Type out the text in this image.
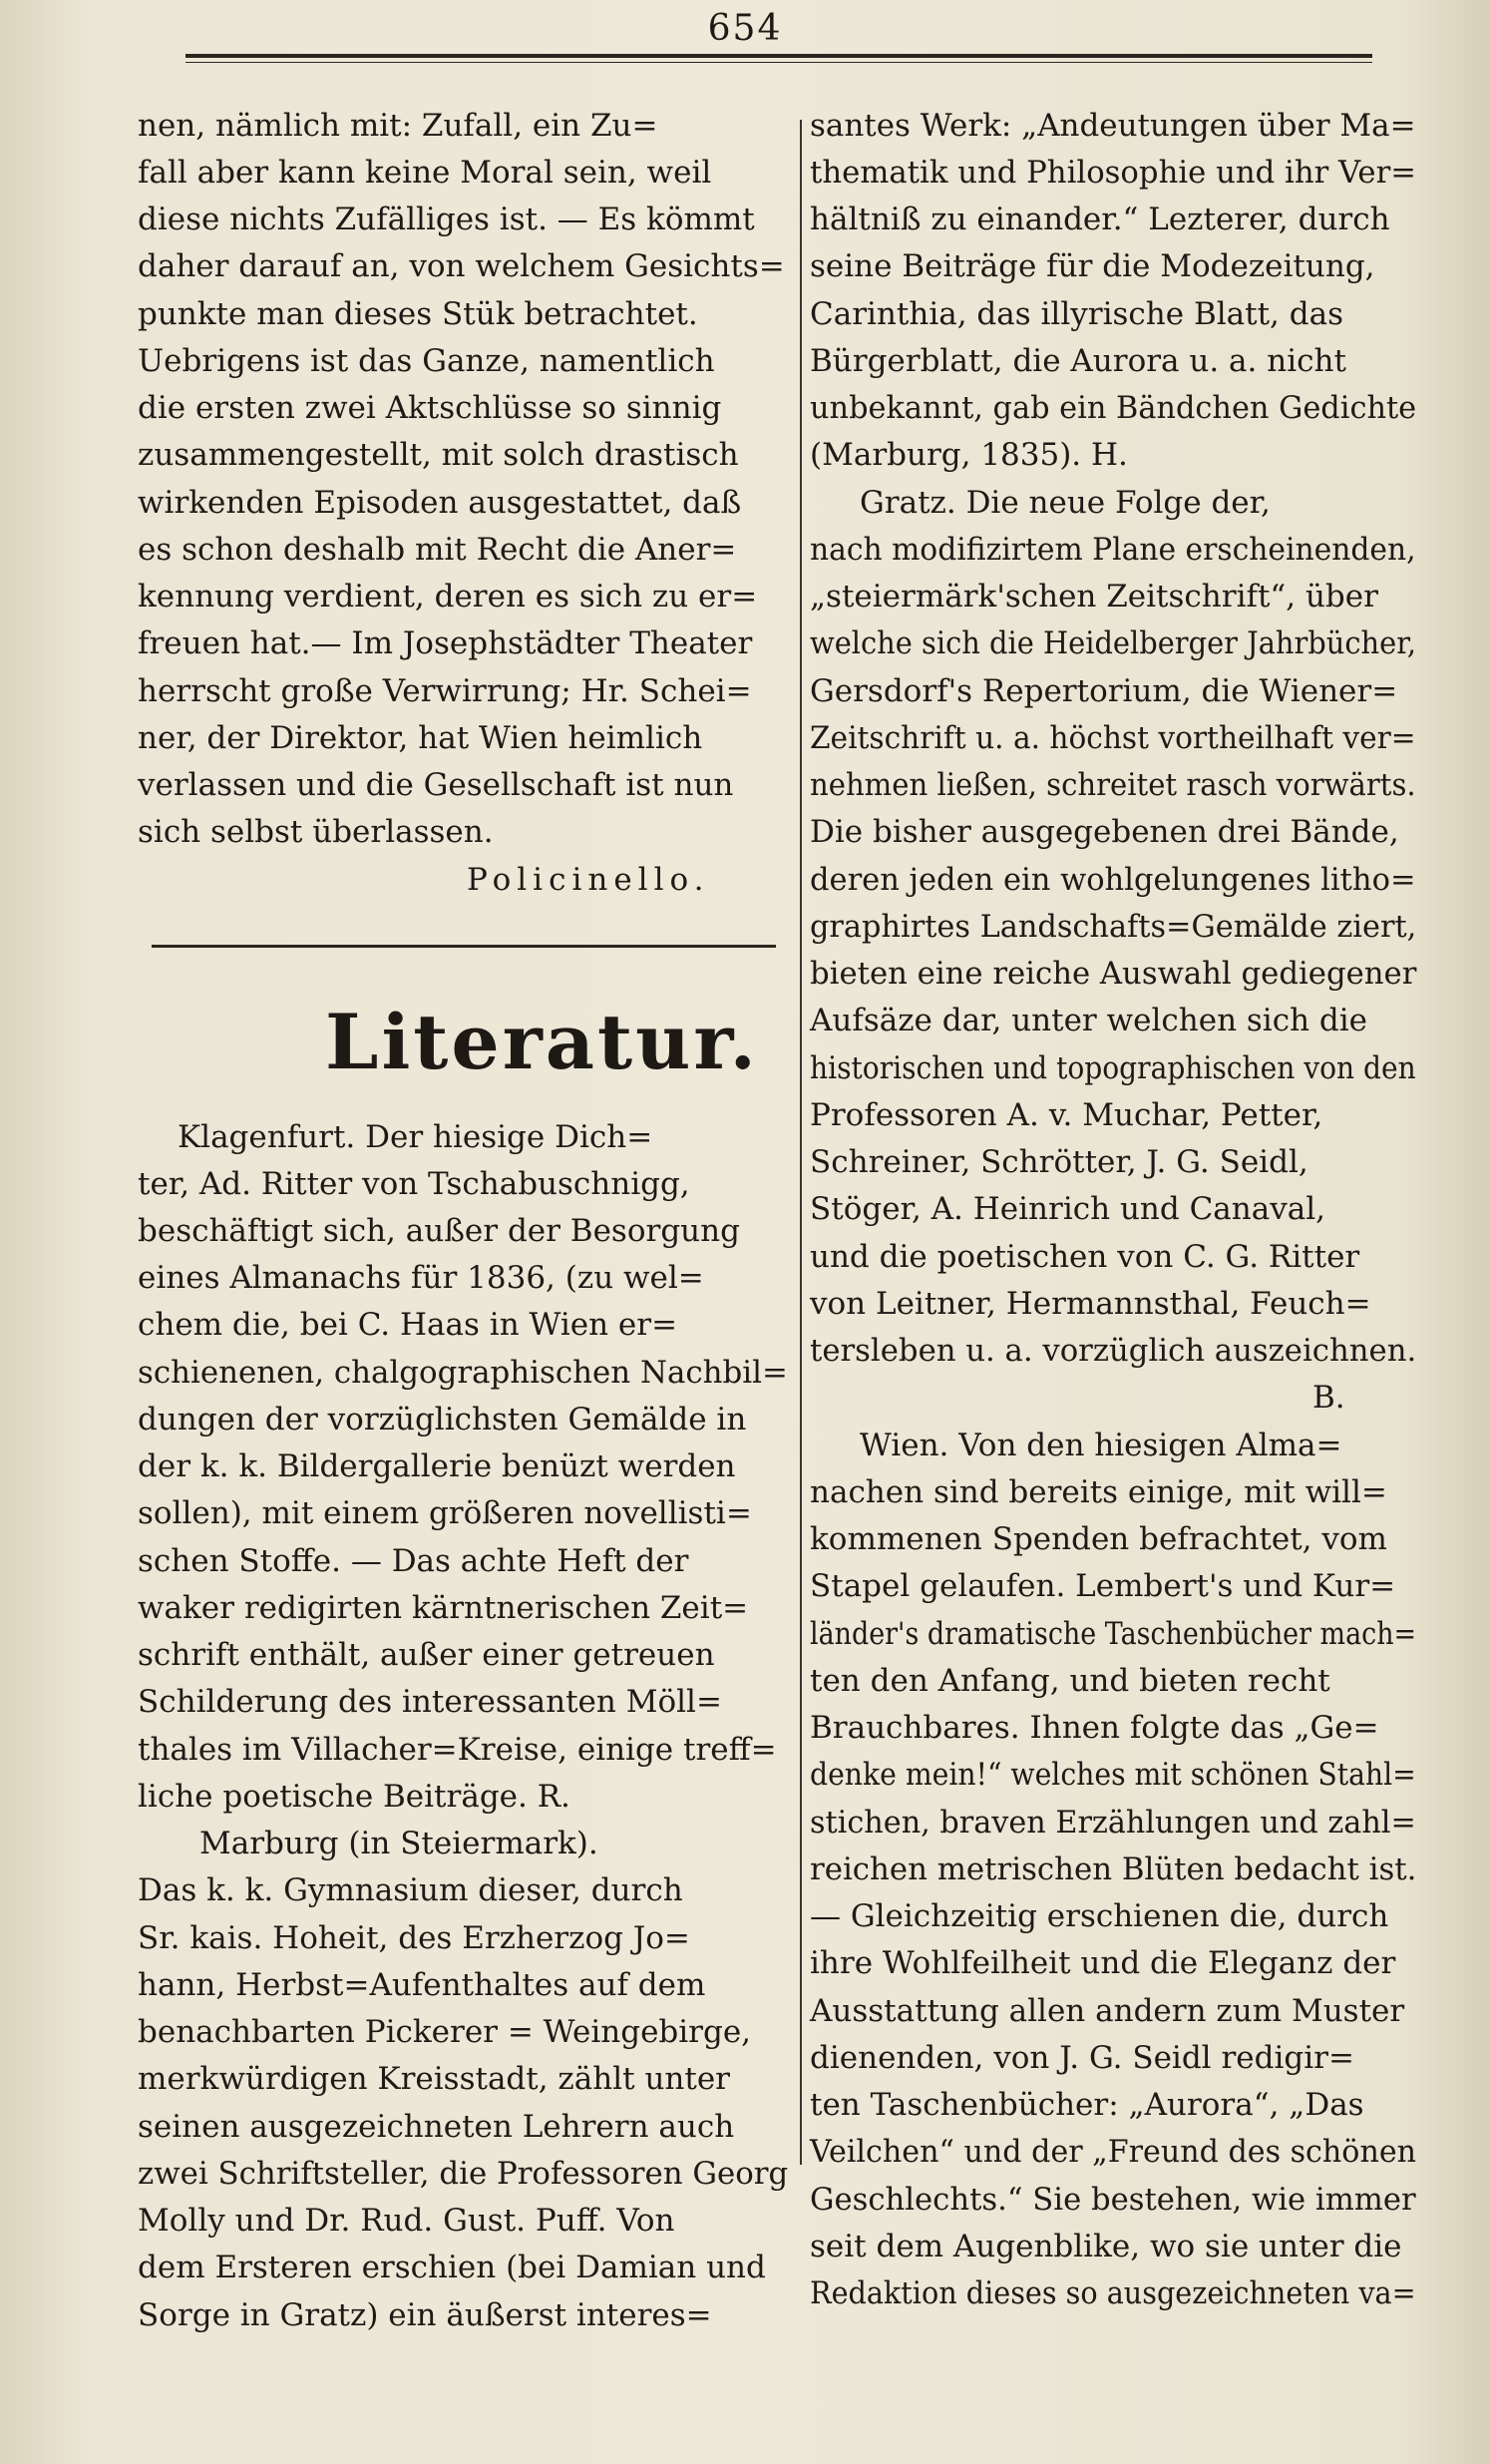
654
nen, nämlich mit: Zufall, ein Zu=
fall aber kann keine Moral sein, weil
diese nichts Zufälliges ist. — Es kömmt
daher darauf an, von welchem Gesichts=
punkte man dieses Stük betrachtet.
Uebrigens ist das Ganze, namentlich
die ersten zwei Aktschlüsse so sinnig
zusammengestellt, mit solch drastisch
wirkenden Episoden ausgestattet, daß
es schon deshalb mit Recht die Aner=
kennung verdient, deren es sich zu er=
freuen hat.— Im Josephstädter Theater
herrscht große Verwirrung; Hr. Schei=
ner, der Direktor, hat Wien heimlich
verlassen und die Gesellschaft ist nun
sich selbst überlassen.
Policinello.
Literatur.
Klagenfurt. Der hiesige Dich=
ter, Ad. Ritter von Tschabuschnigg,
beschäftigt sich, außer der Besorgung
eines Almanachs für 1836, (zu wel=
chem die, bei C. Haas in Wien er=
schienenen, chalgographischen Nachbil=
dungen der vorzüglichsten Gemälde in
der k. k. Bildergallerie benüzt werden
sollen), mit einem größeren novellisti=
schen Stoffe. — Das achte Heft der
waker redigirten kärntnerischen Zeit=
schrift enthält, außer einer getreuen
Schilderung des interessanten Möll=
thales im Villacher=Kreise, einige treff=
liche poetische Beiträge. R.
Marburg (in Steiermark).
Das k. k. Gymnasium dieser, durch
Sr. kais. Hoheit, des Erzherzog Jo=
hann, Herbst=Aufenthaltes auf dem
benachbarten Pickerer = Weingebirge,
merkwürdigen Kreisstadt, zählt unter
seinen ausgezeichneten Lehrern auch
zwei Schriftsteller, die Professoren Georg
Molly und Dr. Rud. Gust. Puff. Von
dem Ersteren erschien (bei Damian und
Sorge in Gratz) ein äußerst interes=
santes Werk: „Andeutungen über Ma=
thematik und Philosophie und ihr Ver=
hältniß zu einander.“ Lezterer, durch
seine Beiträge für die Modezeitung,
Carinthia, das illyrische Blatt, das
Bürgerblatt, die Aurora u. a. nicht
unbekannt, gab ein Bändchen Gedichte
(Marburg, 1835). H.
Gratz. Die neue Folge der,
nach modifizirtem Plane erscheinenden,
„steiermärk'schen Zeitschrift“, über
welche sich die Heidelberger Jahrbücher,
Gersdorf's Repertorium, die Wiener=
Zeitschrift u. a. höchst vortheilhaft ver=
nehmen ließen, schreitet rasch vorwärts.
Die bisher ausgegebenen drei Bände,
deren jeden ein wohlgelungenes litho=
graphirtes Landschafts=Gemälde ziert,
bieten eine reiche Auswahl gediegener
Aufsäze dar, unter welchen sich die
historischen und topographischen von den
Professoren A. v. Muchar, Petter,
Schreiner, Schrötter, J. G. Seidl,
Stöger, A. Heinrich und Canaval,
und die poetischen von C. G. Ritter
von Leitner, Hermannsthal, Feuch=
tersleben u. a. vorzüglich auszeichnen.
B.
Wien. Von den hiesigen Alma=
nachen sind bereits einige, mit will=
kommenen Spenden befrachtet, vom
Stapel gelaufen. Lembert's und Kur=
länder's dramatische Taschenbücher mach=
ten den Anfang, und bieten recht
Brauchbares. Ihnen folgte das „Ge=
denke mein!“ welches mit schönen Stahl=
stichen, braven Erzählungen und zahl=
reichen metrischen Blüten bedacht ist.
— Gleichzeitig erschienen die, durch
ihre Wohlfeilheit und die Eleganz der
Ausstattung allen andern zum Muster
dienenden, von J. G. Seidl redigir=
ten Taschenbücher: „Aurora“, „Das
Veilchen“ und der „Freund des schönen
Geschlechts.“ Sie bestehen, wie immer
seit dem Augenblike, wo sie unter die
Redaktion dieses so ausgezeichneten va=
